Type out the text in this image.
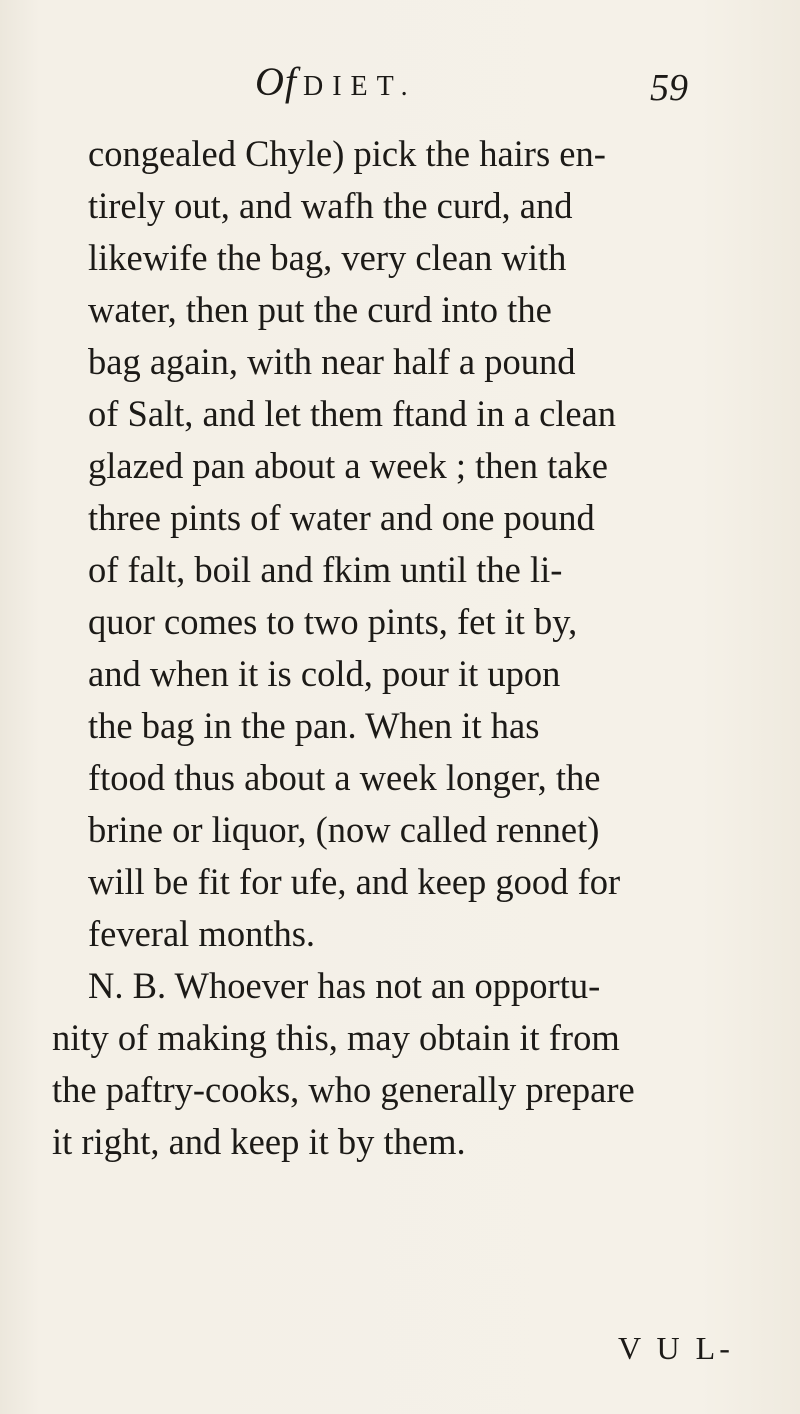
Of DIET.	59
congealed Chyle) pick the hairs en-
tirely out, and wafh the curd, and
likewife the bag, very clean with
water, then put the curd into the
bag again, with near half a pound
of Salt, and let them ftand in a clean
glazed pan about a week ; then take
three pints of water and one pound
of falt, boil and fkim until the li-
quor comes to two pints, fet it by,
and when it is cold, pour it upon
the bag in the pan. When it has
ftood thus about a week longer, the
brine or liquor, (now called rennet)
will be fit for ufe, and keep good for
feveral months.
N. B. Whoever has not an opportu-
nity of making this, may obtain it from
the paftry-cooks, who generally prepare
it right, and keep it by them.
V U L-
